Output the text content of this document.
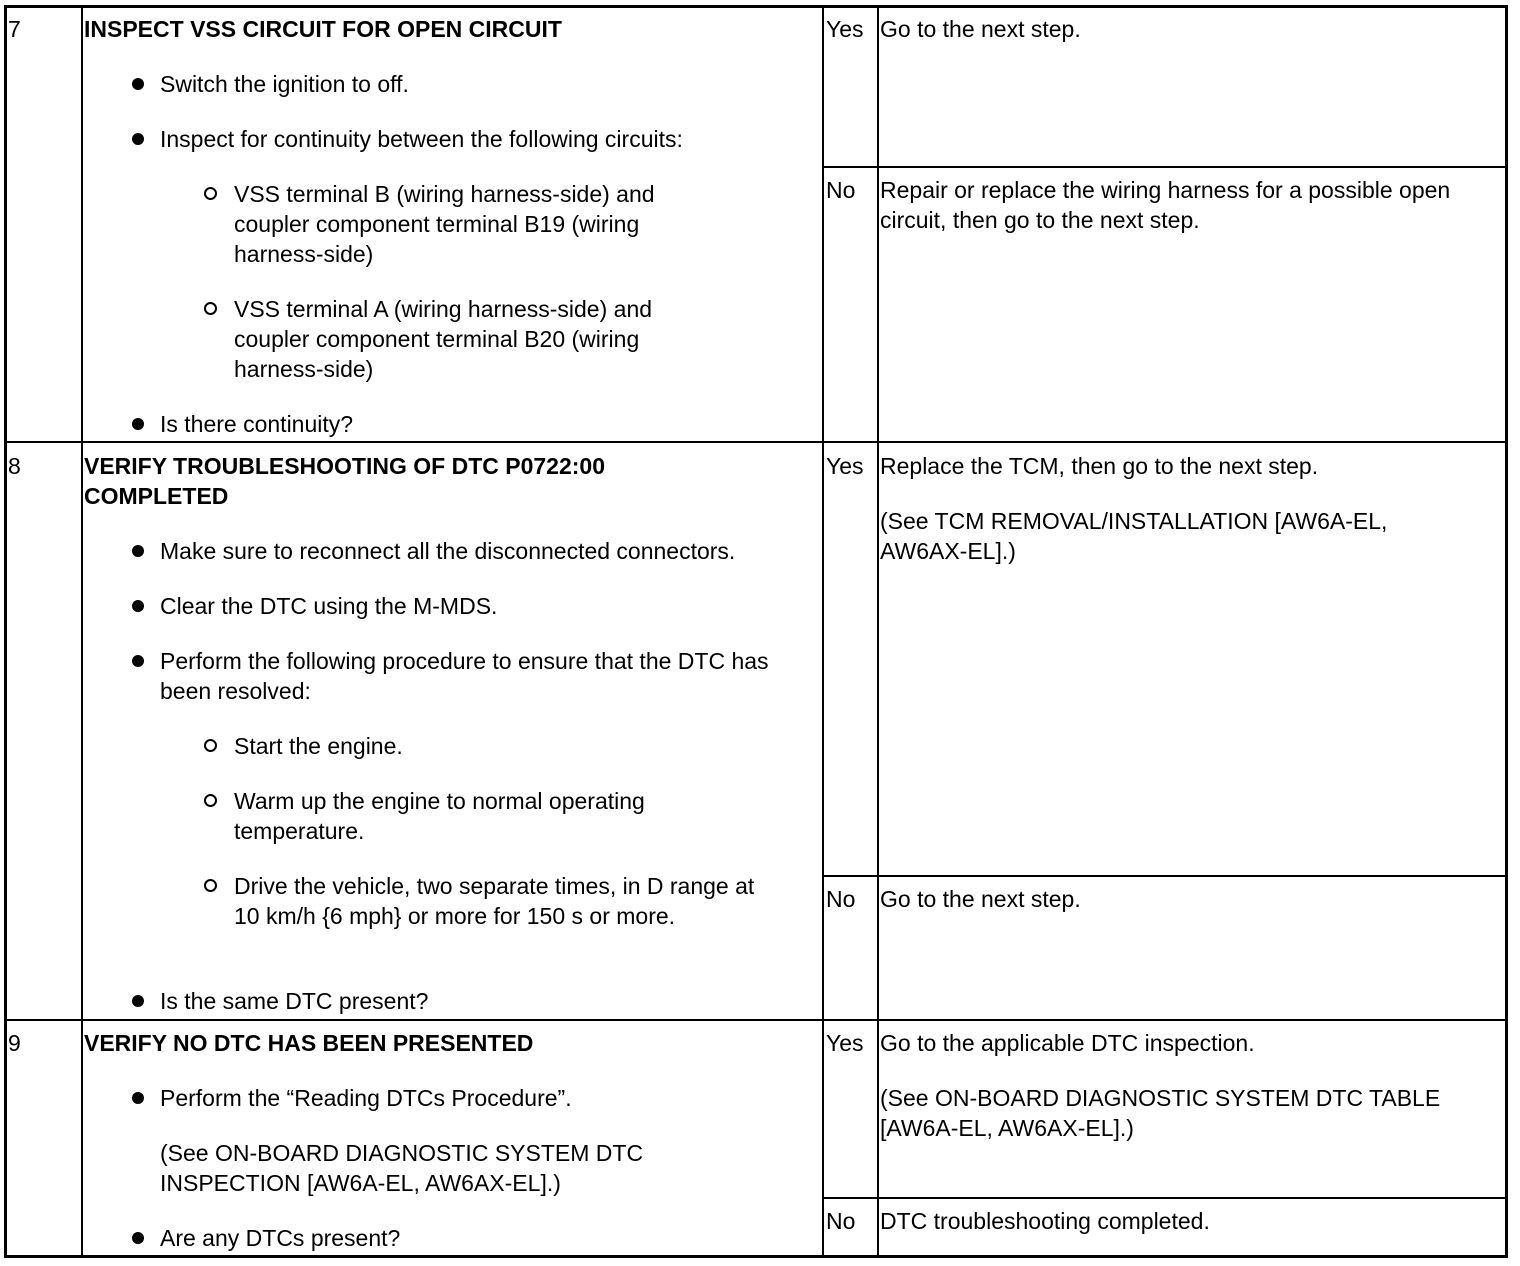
7	INSPECT VSS CIRCUIT FOR OPEN CIRCUIT
Switch the ignition to off.
Inspect for continuity between the following circuits:
VSS terminal B (wiring harness-side) and coupler component terminal B19 (wiring harness-side)
VSS terminal A (wiring harness-side) and coupler component terminal B20 (wiring harness-side)
Is there continuity?
Yes Go to the next step.
No Repair or replace the wiring harness for a possible open circuit, then go to the next step.
8	VERIFY TROUBLESHOOTING OF DTC P0722:00 COMPLETED
Make sure to reconnect all the disconnected connectors.
Clear the DTC using the M-MDS.
Perform the following procedure to ensure that the DTC has been resolved:
Start the engine.
Warm up the engine to normal operating temperature.
Drive the vehicle, two separate times, in D range at 10 km/h {6 mph} or more for 150 s or more.
Is the same DTC present?
Yes Replace the TCM, then go to the next step.
(See TCM REMOVAL/INSTALLATION [AW6A-EL, AW6AX-EL].)
No Go to the next step.
9	VERIFY NO DTC HAS BEEN PRESENTED
Perform the “Reading DTCs Procedure”.
(See ON-BOARD DIAGNOSTIC SYSTEM DTC INSPECTION [AW6A-EL, AW6AX-EL].)
Are any DTCs present?
Yes Go to the applicable DTC inspection.
(See ON-BOARD DIAGNOSTIC SYSTEM DTC TABLE [AW6A-EL, AW6AX-EL].)
No DTC troubleshooting completed.
